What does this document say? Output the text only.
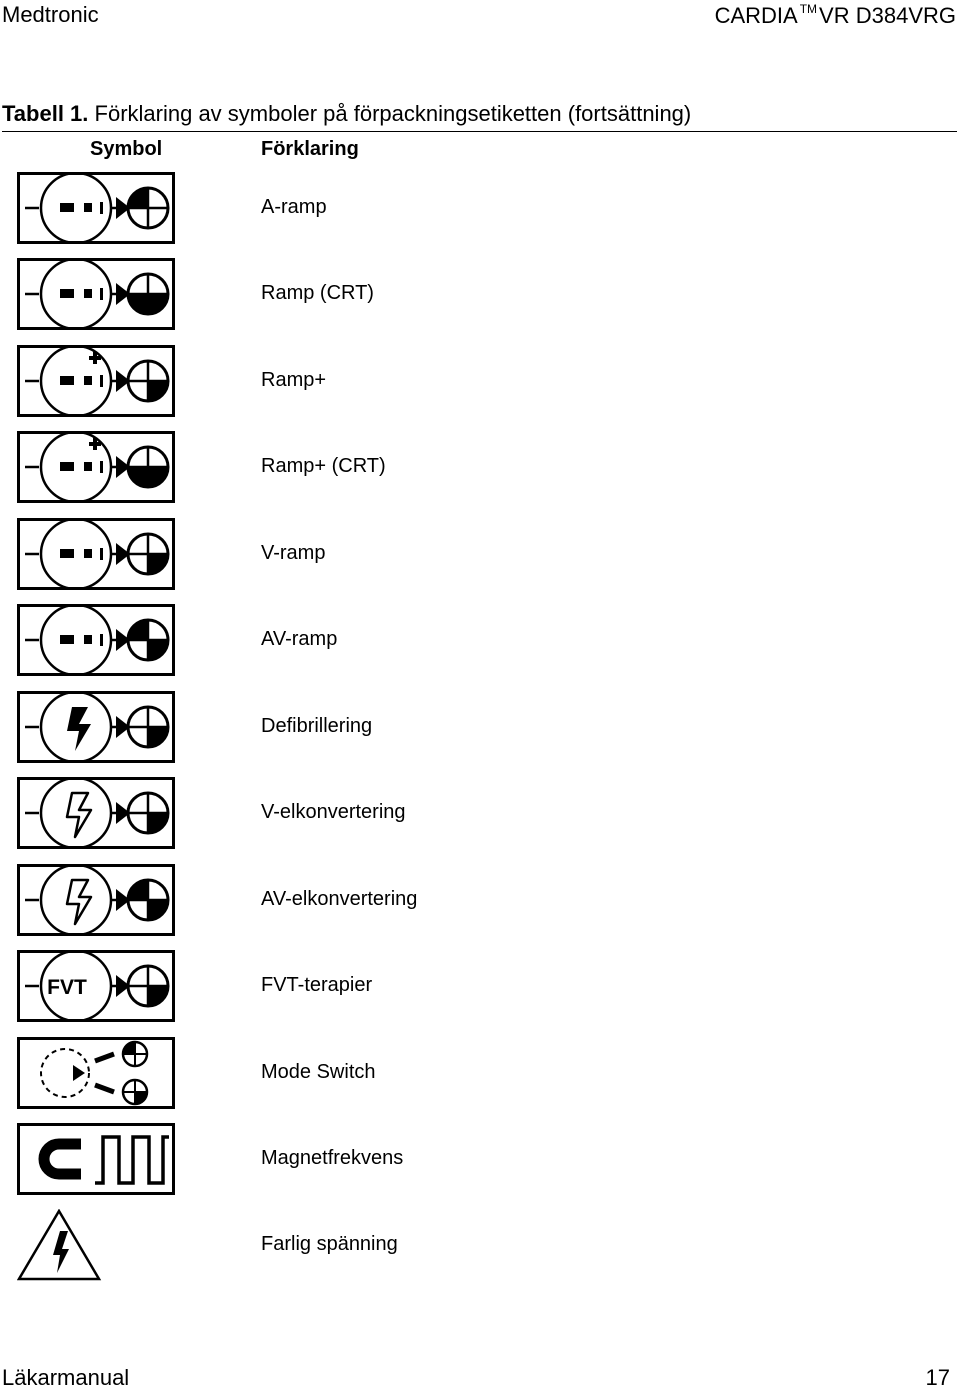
Medtronic	CARDIA ™VR D384VRG
Tabell 1. Förklaring av symboler på förpackningsetiketten (fortsättning)
Symbol	Förklaring
A-ramp
Ramp (CRT)
Ramp+
Ramp+ (CRT)
V-ramp
AV-ramp
Defibrillering
V-elkonvertering
AV-elkonvertering
FVT	FVT-terapier
Mode Switch
Magnetfrekvens
Farlig spänning
Läkarmanual	17
